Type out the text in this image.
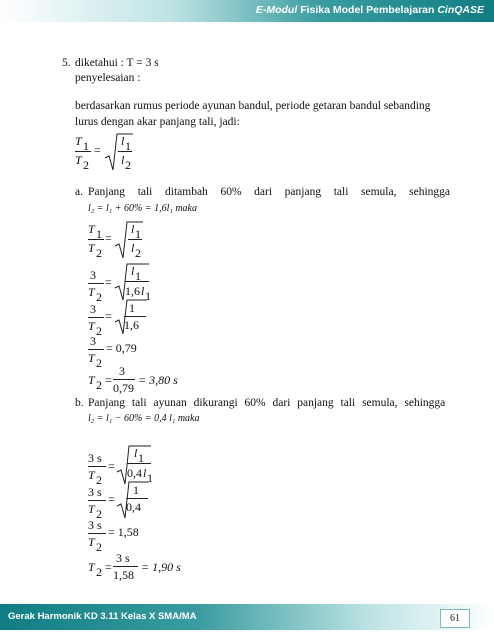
E-Modul Fisika Model Pembelajaran CinQASE
5. diketahui : T = 3 s
penyelesaian :
berdasarkan rumus periode ayunan bandul, periode getaran bandul sebanding
lurus dengan akar panjang tali, jadi:
T 1
T 2
=
l 1
l 2
a. Panjang tali ditambah 60% dari panjang tali semula, sehingga
l₂ = l₁ + 60% = 1,6l₁ maka
T 1
T 2
=
l 1
l 2
3
T 2
=
l 1
1,6 l 1
3
T 2
=
1
1,6
3
T 2
= 0,79
T 2 =
3
0,79
= 3,80 s
b. Panjang tali ayunan dikurangi 60% dari panjang tali semula, sehingga
l₂ = l₁ − 60% = 0,4 l₁ maka
3 s
T 2
=
l 1
0,4 l 1
3 s
T 2
=
1
0,4
3 s
T 2
= 1,58
T 2 =
3 s
1,58
= 1,90 s
Gerak Harmonik KD 3.11 Kelas X SMA/MA	61
